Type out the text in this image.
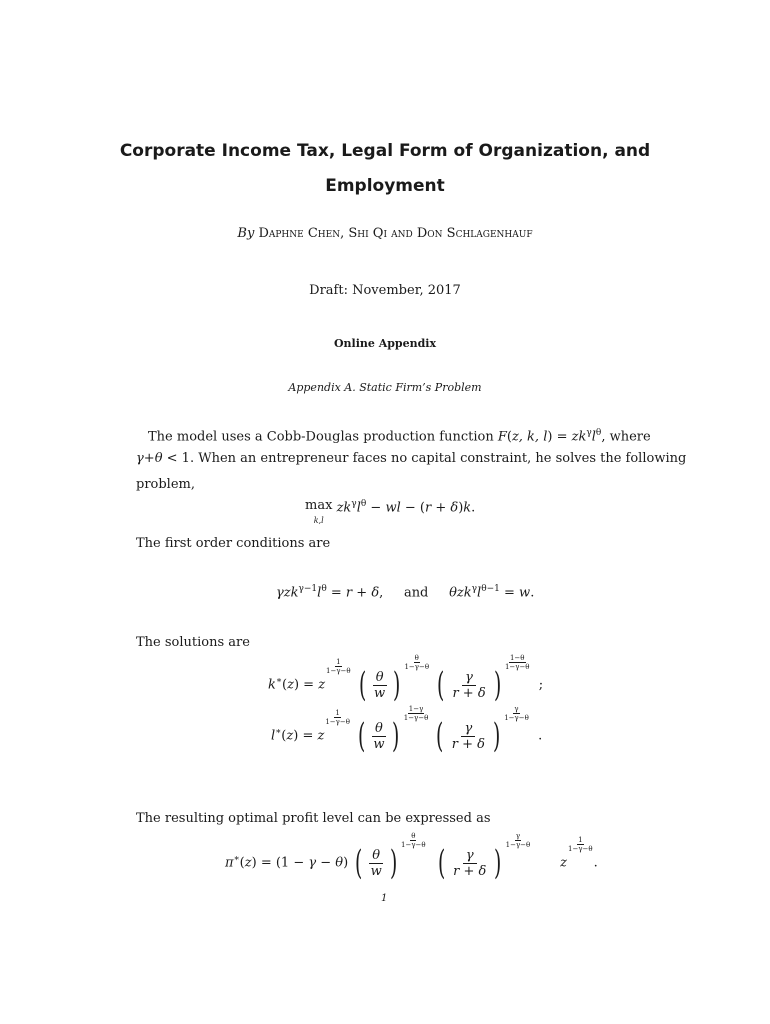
Corporate Income Tax, Legal Form of Organization, and
Employment
By Daphne Chen, Shi Qi and Don Schlagenhauf
Draft: November, 2017
Online Appendix
Appendix A. Static Firm’s Problem
The model uses a Cobb-Douglas production function F(z, k, $l) = zk^\gamma l^\theta$, where
γ+θ < 1. When an entrepreneur faces no capital constraint, he solves the following
problem,
max
k,l $zk^\gamma l^\theta$ − wl − (r + δ)k.
The first order conditions are
$\gamma zk^{\gamma-1}l^\theta = r + \delta$,     and $\theta zk^\gamma l^{\theta-1} = w$.
The solutions are
k∗(z) = z
$\frac{1}{1-\gamma-\theta}$ ( $\frac{\theta}{w}$ )
$\frac{\theta}{1-\gamma-\theta}$
( $\frac{\gamma}{r + \delta}$ )
$\frac{1-\theta}{1-\gamma-\theta}$
;
l∗(z) = z
$\frac{1}{1-\gamma-\theta}$ ( $\frac{\theta}{w}$ )
$\frac{1-\gamma}{1-\gamma-\theta}$
( $\frac{\gamma}{r + \delta}$ )
$\frac{\gamma}{1-\gamma-\theta}$
.
The resulting optimal profit level can be expressed as
π∗(z) = (1 − γ − θ) ( $\frac{\theta}{w}$ )
$\frac{\theta}{1-\gamma-\theta}$
( $\frac{\gamma}{r + \delta}$ )
$\frac{\gamma}{1-\gamma-\theta}$
z
$\frac{1}{1-\gamma-\theta}$
.
1
